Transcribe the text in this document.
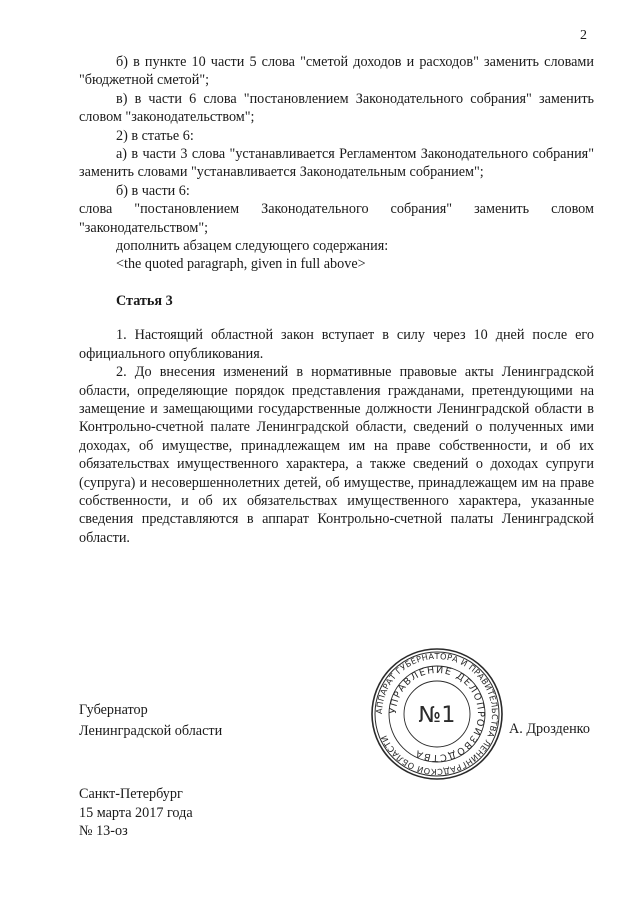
2

б) в пункте 10 части 5 слова "сметой доходов и расходов" заменить словами "бюджетной сметой";

в) в части 6 слова "постановлением Законодательного собрания" заменить словом "законодательством";

2) в статье 6:

а) в части 3 слова "устанавливается Регламентом Законодательного собрания" заменить словами "устанавливается Законодательным собранием";

б) в части 6:

слова "постановлением Законодательного собрания" заменить словом "законодательством";

дополнить абзацем следующего содержания:

<the quoted paragraph, given in full above>

Статья 3

1. Настоящий областной закон вступает в силу через 10 дней после его официального опубликования.

2. До внесения изменений в нормативные правовые акты Ленинградской области, определяющие порядок представления гражданами, претендующими на замещение и замещающими государственные должности Ленинградской области в Контрольно-счетной палате Ленинградской области, сведений о полученных ими доходах, об имуществе, принадлежащем им на праве собственности, и об их обязательствах имущественного характера, а также сведений о доходах супруги (супруга) и несовершеннолетних детей, об имуществе, принадлежащем им на праве собственности, и об их обязательствах имущественного характера, указанные сведения представляются в аппарат Контрольно-счетной палаты Ленинградской области.

Губернатор
Ленинградской области	А. Дрозденко
Санкт-Петербург
15 марта 2017 года
№ 13-оз
АППАРАТ ГУБЕРНАТОРА И ПРАВИТЕЛЬСТВА ЛЕНИНГРАДСКОЙ ОБЛАСТИ
УПРАВЛЕНИЕ ДЕЛОПРОИЗВОДСТВА
№1
